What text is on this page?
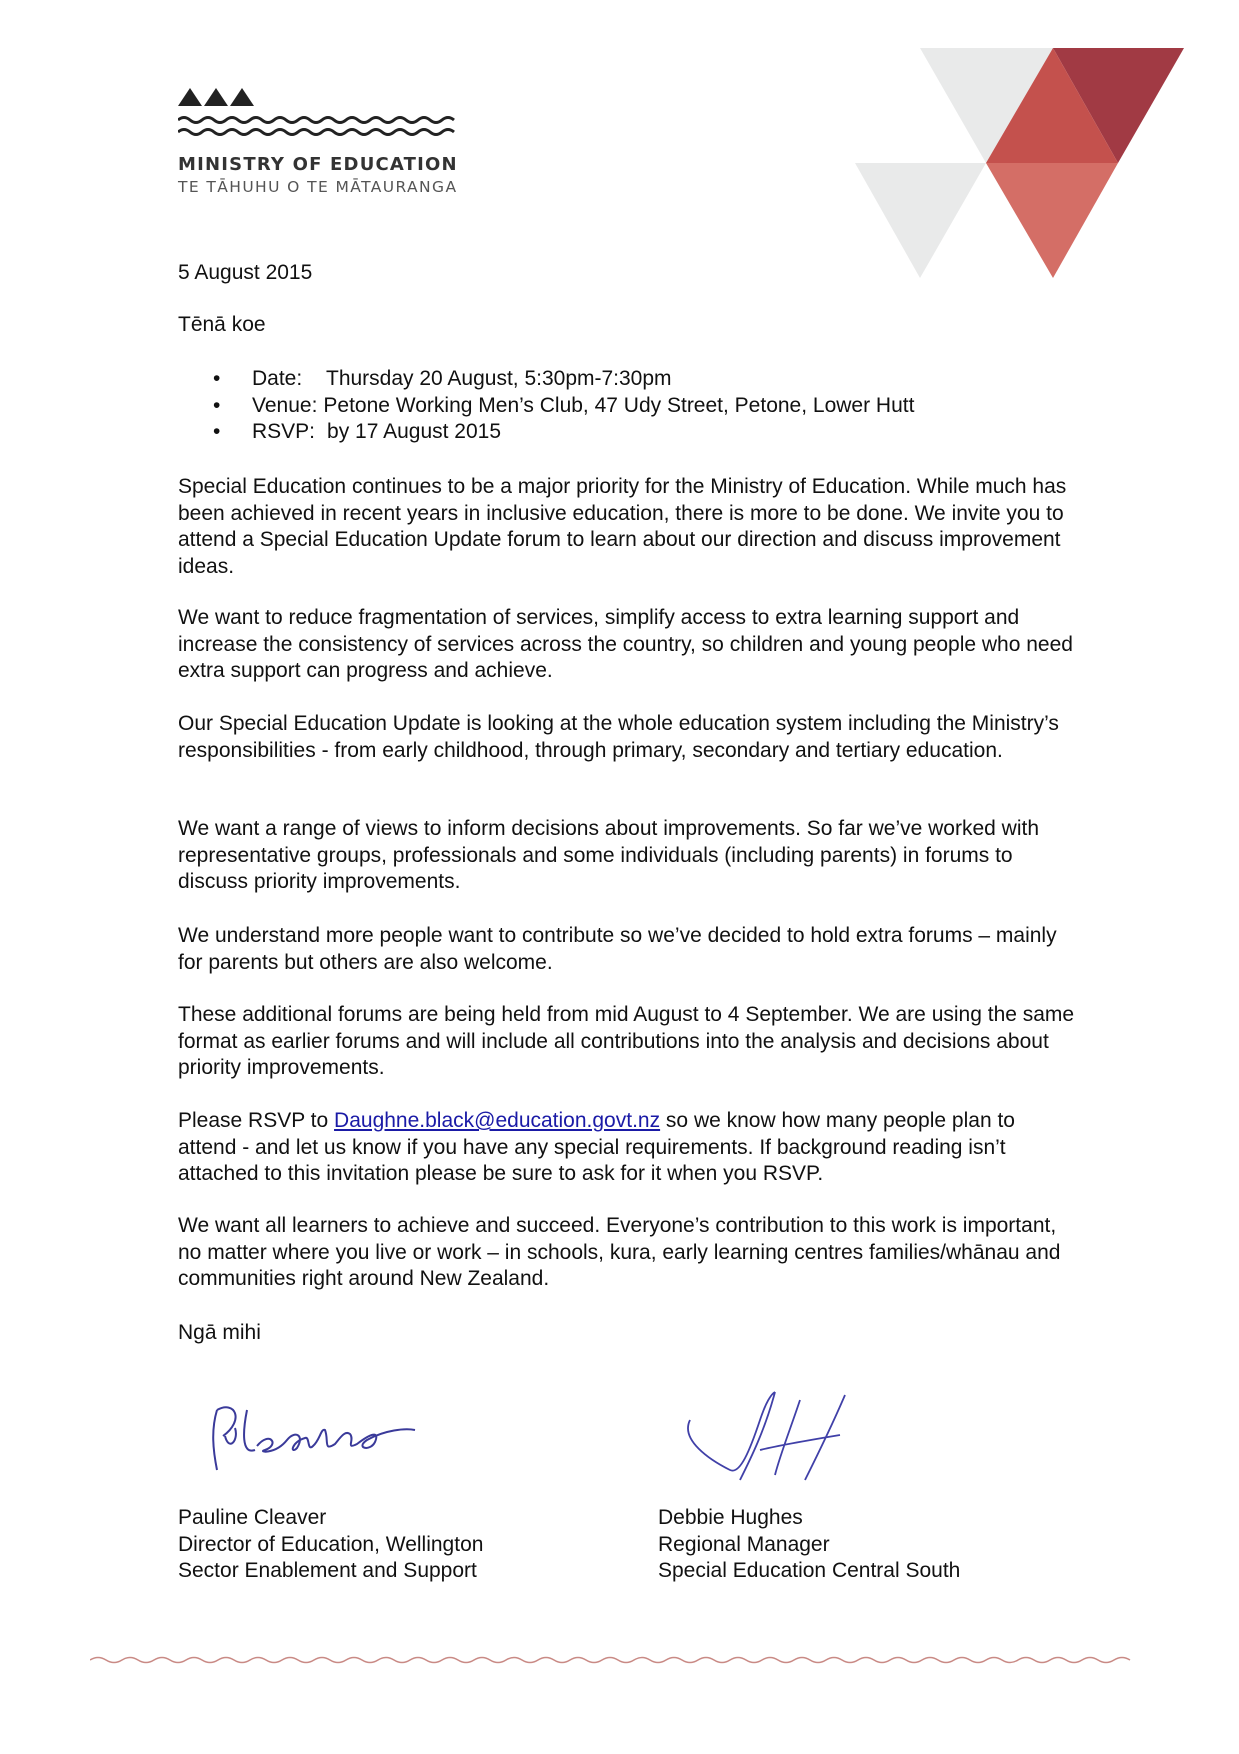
MINISTRY OF EDUCATION
TE TĀHUHU O TE MĀTAURANGA

5 August 2015

Tēnā koe

•	Date:	Thursday 20 August, 5:30pm-7:30pm
•	Venue: Petone Working Men’s Club, 47 Udy Street, Petone, Lower Hutt
•	RSVP: by 17 August 2015

Special Education continues to be a major priority for the Ministry of Education. While much has been achieved in recent years in inclusive education, there is more to be done. We invite you to attend a Special Education Update forum to learn about our direction and discuss improvement ideas.

We want to reduce fragmentation of services, simplify access to extra learning support and increase the consistency of services across the country, so children and young people who need extra support can progress and achieve.

Our Special Education Update is looking at the whole education system including the Ministry’s responsibilities - from early childhood, through primary, secondary and tertiary education.

We want a range of views to inform decisions about improvements. So far we’ve worked with representative groups, professionals and some individuals (including parents) in forums to discuss priority improvements.

We understand more people want to contribute so we’ve decided to hold extra forums – mainly for parents but others are also welcome.

These additional forums are being held from mid August to 4 September. We are using the same format as earlier forums and will include all contributions into the analysis and decisions about priority improvements.

Please RSVP to Daughne.black@education.govt.nz so we know how many people plan to attend - and let us know if you have any special requirements. If background reading isn’t attached to this invitation please be sure to ask for it when you RSVP.

We want all learners to achieve and succeed. Everyone’s contribution to this work is important, no matter where you live or work – in schools, kura, early learning centres families/whānau and communities right around New Zealand.

Ngā mihi

Pauline Cleaver
Director of Education, Wellington
Sector Enablement and Support
Debbie Hughes
Regional Manager
Special Education Central South
